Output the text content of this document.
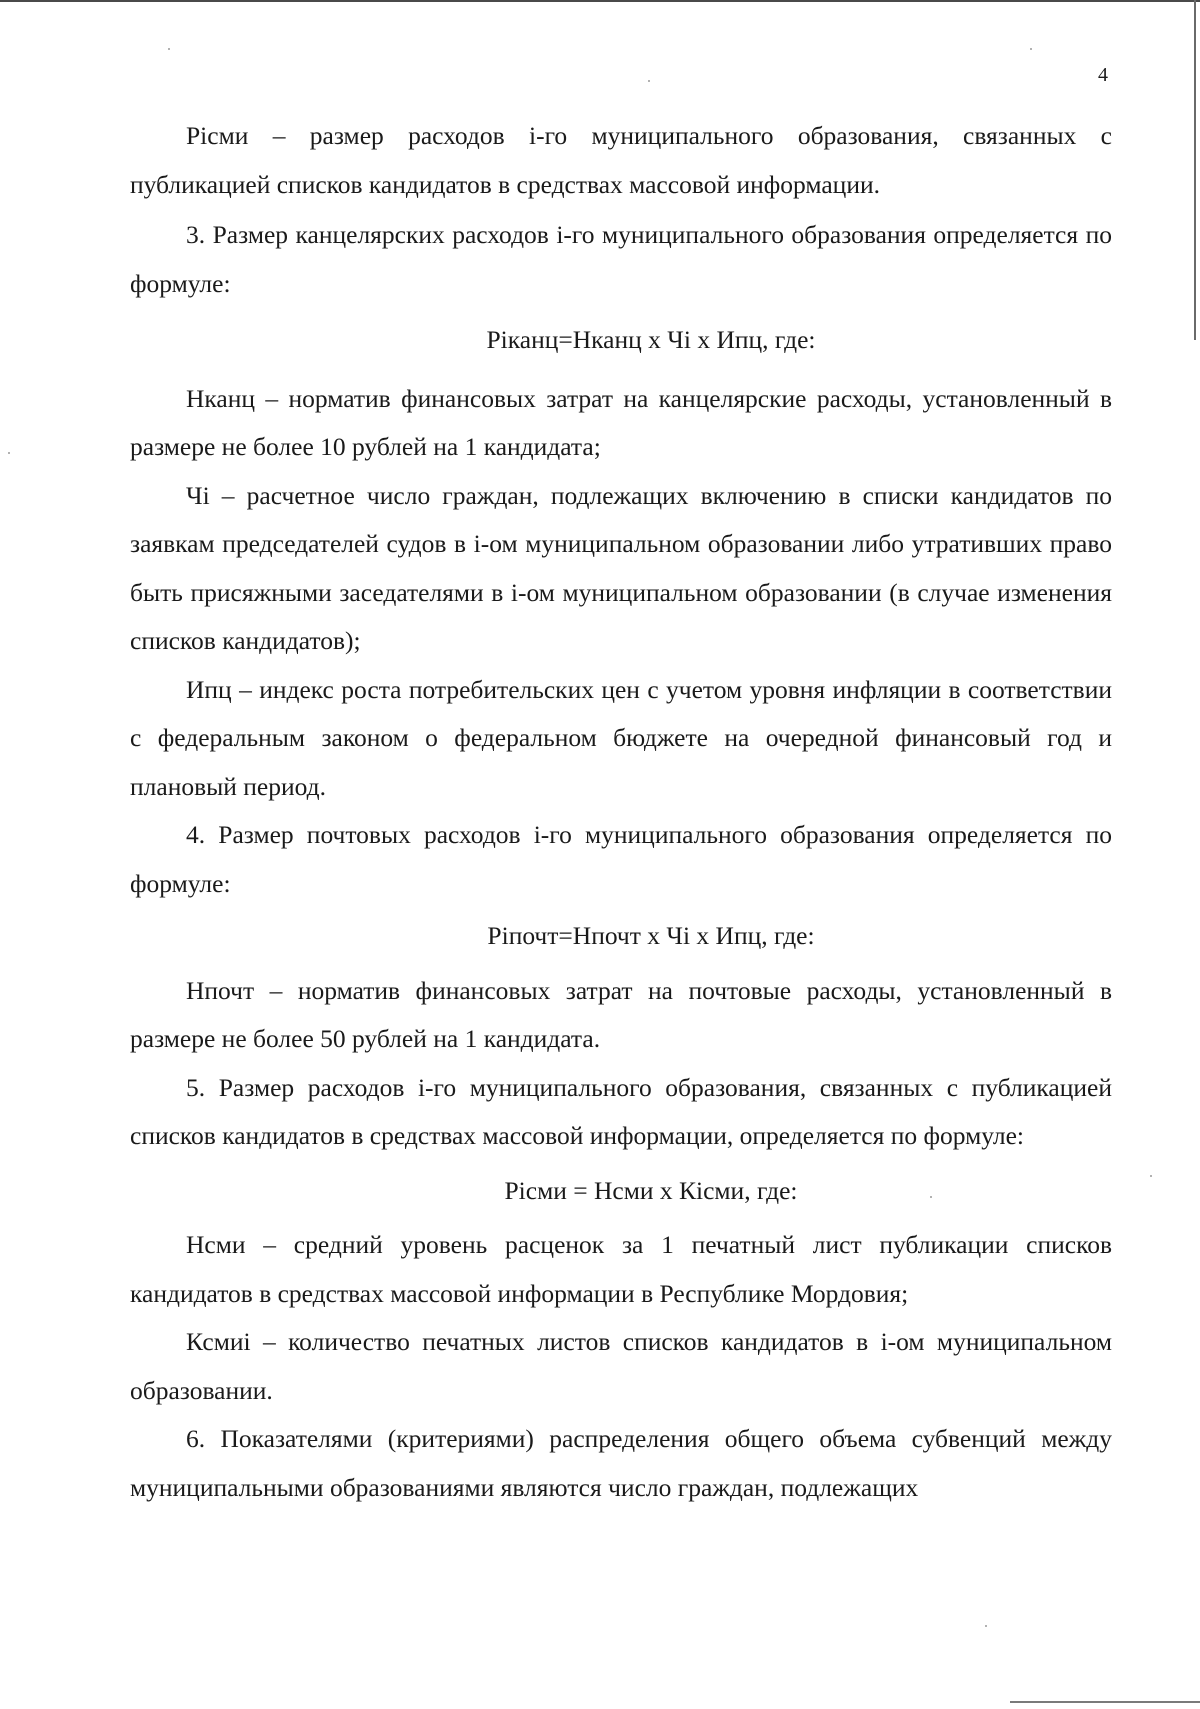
4

Рiсми – размер расходов i-го муниципального образования, связанных с публикацией списков кандидатов в средствах массовой информации.

3. Размер канцелярских расходов i-го муниципального образования определяется по формуле:

Рiканц=Нканц х Чi х Ипц, где:

Нканц – норматив финансовых затрат на канцелярские расходы, установленный в размере не более 10 рублей на 1 кандидата;

Чi – расчетное число граждан, подлежащих включению в списки кандидатов по заявкам председателей судов в i-ом муниципальном образовании либо утративших право быть присяжными заседателями в i-ом муниципальном образовании (в случае изменения списков кандидатов);

Ипц – индекс роста потребительских цен с учетом уровня инфляции в соответствии с федеральным законом о федеральном бюджете на очередной финансовый год и плановый период.

4. Размер почтовых расходов i-го муниципального образования определяется по формуле:

Рiпочт=Нпочт х Чi х Ипц, где:

Нпочт – норматив финансовых затрат на почтовые расходы, установленный в размере не более 50 рублей на 1 кандидата.

5. Размер расходов i-го муниципального образования, связанных с публикацией списков кандидатов в средствах массовой информации, определяется по формуле:

Рiсми = Нсми х Кiсми, где:

Нсми – средний уровень расценок за 1 печатный лист публикации списков кандидатов в средствах массовой информации в Республике Мордовия;

Ксмиi – количество печатных листов списков кандидатов в i-ом муниципальном образовании.

6. Показателями (критериями) распределения общего объема субвенций между муниципальными образованиями являются число граждан, подлежащих
